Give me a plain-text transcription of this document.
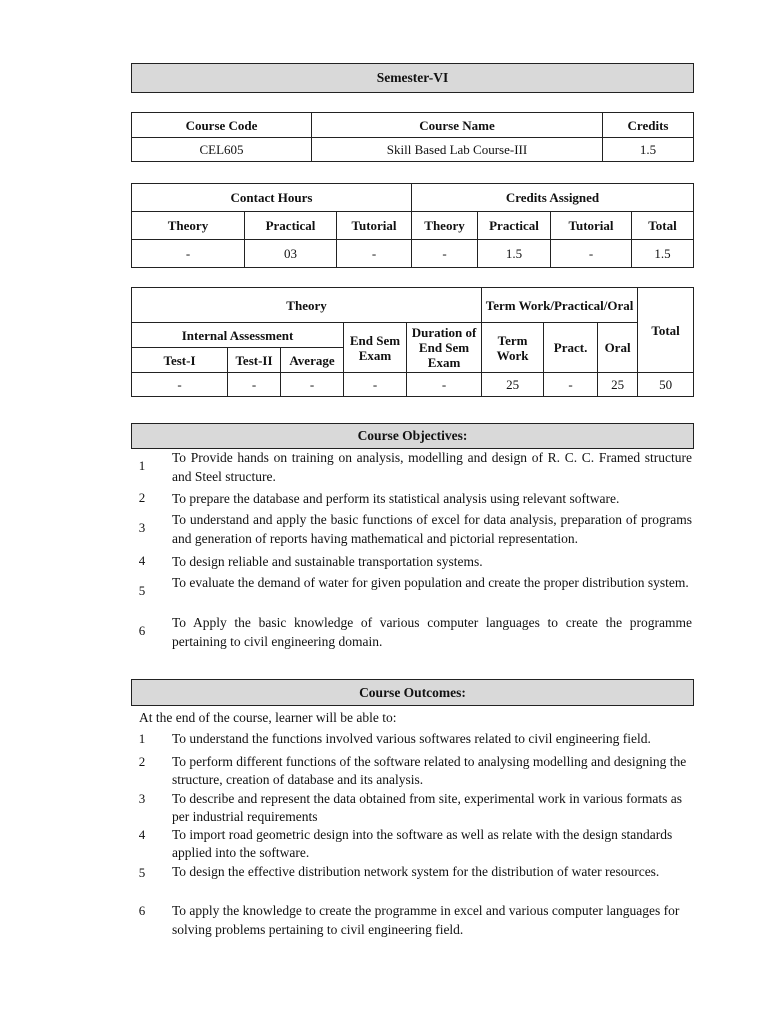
Semester-VI
Course Code	Course Name	Credits
CEL605	Skill Based Lab Course-III	1.5
Contact Hours			Credits Assigned			
Theory	Practical	Tutorial	Theory	Practical	Tutorial	Total
-	03	-	-	1.5	-	1.5
Theory					Term Work/Practical/Oral			Total
Internal Assessment			End Sem Exam	Duration of End Sem Exam	Term Work	Pract.	Oral	
Test-I	Test-II	Average						
-	-	-	-	-	25	-	25	50
Course Objectives:
1
To Provide hands on training on analysis, modelling and design of R. C. C. Framed structure and Steel structure.
2	To prepare the database and perform its statistical analysis using relevant software.
3
To understand and apply the basic functions of excel for data analysis, preparation of programs and generation of reports having mathematical and pictorial representation.
4	To design reliable and sustainable transportation systems.
5
To evaluate the demand of water for given population and create the proper distribution system.
6
To Apply the basic knowledge of various computer languages to create the programme pertaining to civil engineering domain.
Course Outcomes:
At the end of the course, learner will be able to:
1	To understand the functions involved various softwares related to civil engineering field.
2	To perform different functions of the software related to analysing modelling and designing the structure, creation of database and its analysis.
3	To describe and represent the data obtained from site, experimental work in various formats as per industrial requirements
4	To import road geometric design into the software as well as relate with the design standards applied into the software.
5	To design the effective distribution network system for the distribution of water resources.
6	To apply the knowledge to create the programme in excel and various computer languages for solving problems pertaining to civil engineering field.
